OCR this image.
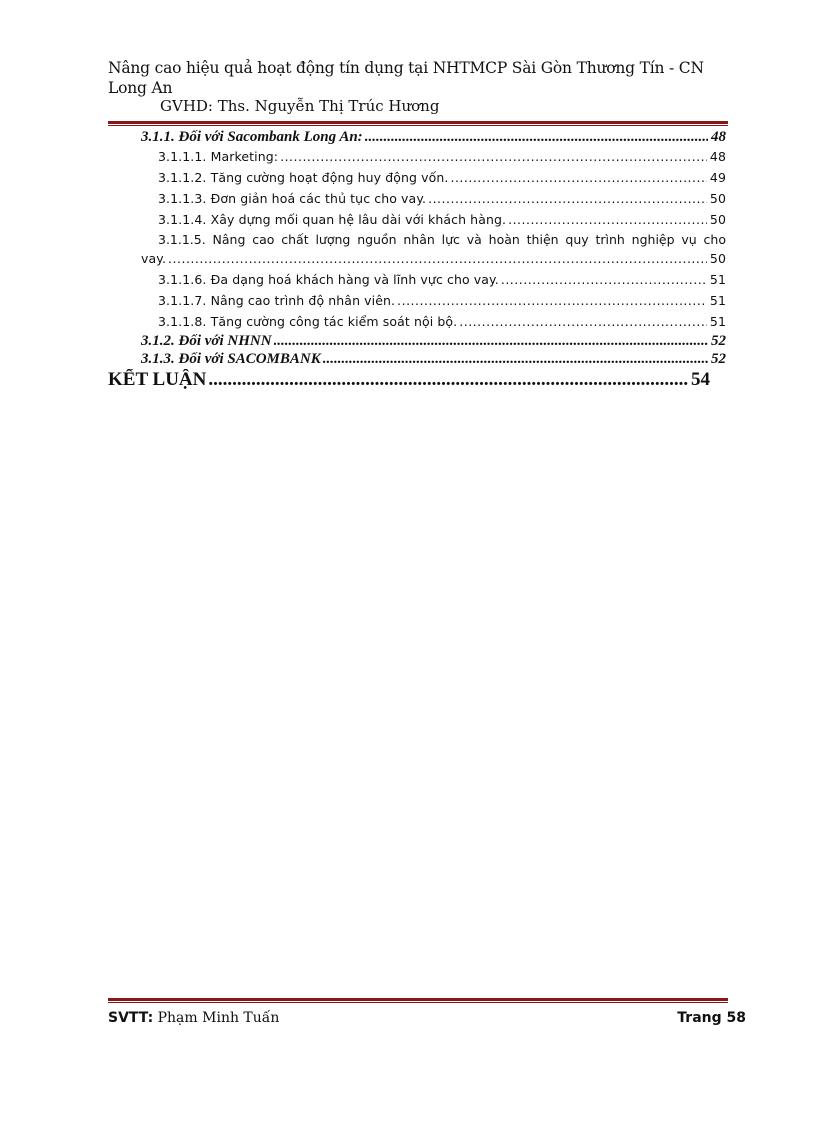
Nâng cao hiệu quả hoạt động tín dụng tại NHTMCP Sài Gòn Thương Tín - CN Long An
GVHD: Ths. Nguyễn Thị Trúc Hương
3.1.1. Đối với Sacombank Long An: .....	48
3.1.1.1. Marketing: .....	48
3.1.1.2. Tăng cường hoạt động huy động vốn. .....	49
3.1.1.3. Đơn giản hoá các thủ tục cho vay. .....	50
3.1.1.4. Xây dựng mối quan hệ lâu dài với khách hàng. .....	50
3.1.1.5. Nâng cao chất lượng nguồn nhân lực và hoàn thiện quy trình nghiệp vụ cho
vay. .....	50
3.1.1.6. Đa dạng hoá khách hàng và lĩnh vực cho vay. .....	51
3.1.1.7. Nâng cao trình độ nhân viên. .....	51
3.1.1.8. Tăng cường công tác kiểm soát nội bộ. .....	51
3.1.2. Đối với NHNN .....	52
3.1.3. Đối với SACOMBANK .....	52
KẾT LUẬN .....	54
SVTT: Phạm Minh Tuấn	Trang 58
